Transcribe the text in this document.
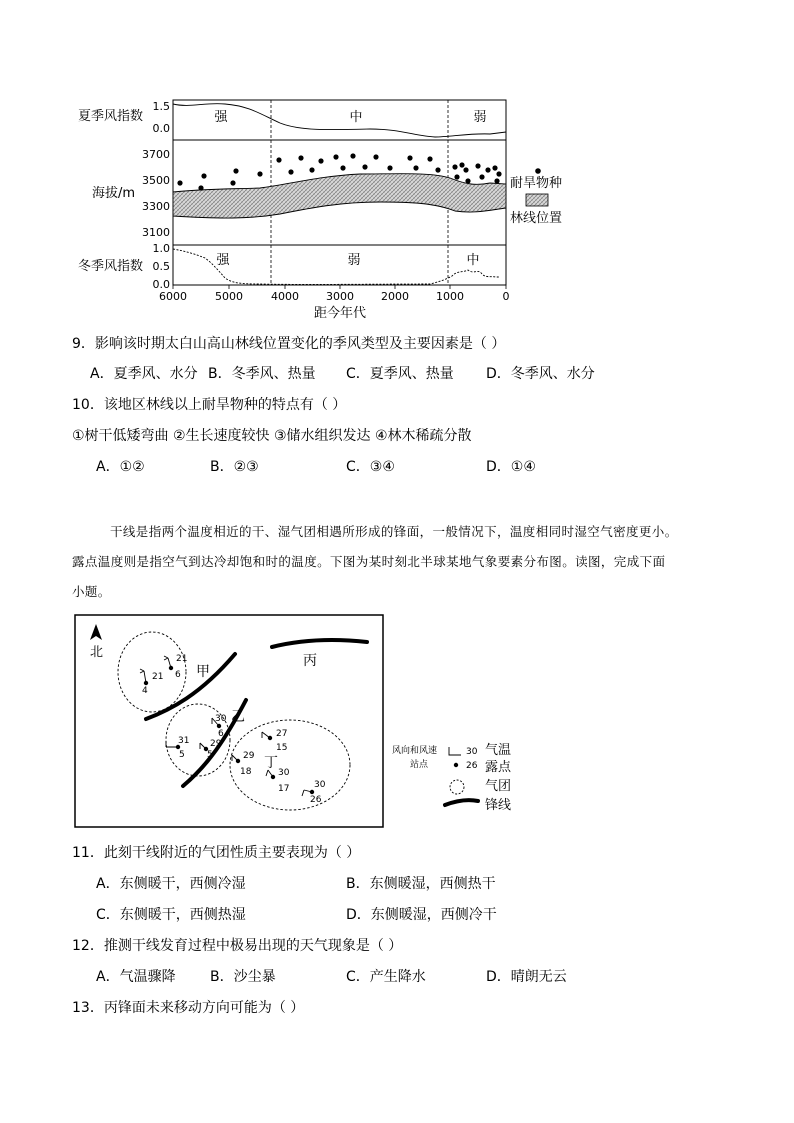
夏季风指数
海拔/m
冬季风指数
1.5
0.0
3700
3500
3300
3100
1.0
0.5
0.0
强	中	弱
强	弱	中
6000	5000	4000 3000 2000 1000	0
距今年代
耐旱物种
林线位置
9．影响该时期太白山高山林线位置变化的季风类型及主要因素是（ ）
A．夏季风、水分 B．冬季风、热量 C．夏季风、热量 D．冬季风、水分
10．该地区林线以上耐旱物种的特点有（ ）
①树干低矮弯曲 ②生长速度较快 ③储水组织发达 ④林木稀疏分散
A．①②	B．②③	C．③④	D．①④
干线是指两个温度相近的干、湿气团相遇所形成的锋面，一般情况下，温度相同时湿空气密度更小。
露点温度则是指空气到达冷却饱和时的温度。下图为某时刻北半球某地气象要素分布图。读图，完成下面
小题。
北
甲
乙
丙
丁
21
6
21
4
30
6
31
5
29
5
27
15
29
18	30
17	30
26
风向和风速
站点
30
26
气温
露点
气团
锋线
11．此刻干线附近的气团性质主要表现为（ ）
A．东侧暖干，西侧冷湿	B．东侧暖湿，西侧热干
C．东侧暖干，西侧热湿	D．东侧暖湿，西侧冷干
12．推测干线发育过程中极易出现的天气现象是（ ）
A．气温骤降 B．沙尘暴	C．产生降水	D．晴朗无云
13．丙锋面未来移动方向可能为（ ）
